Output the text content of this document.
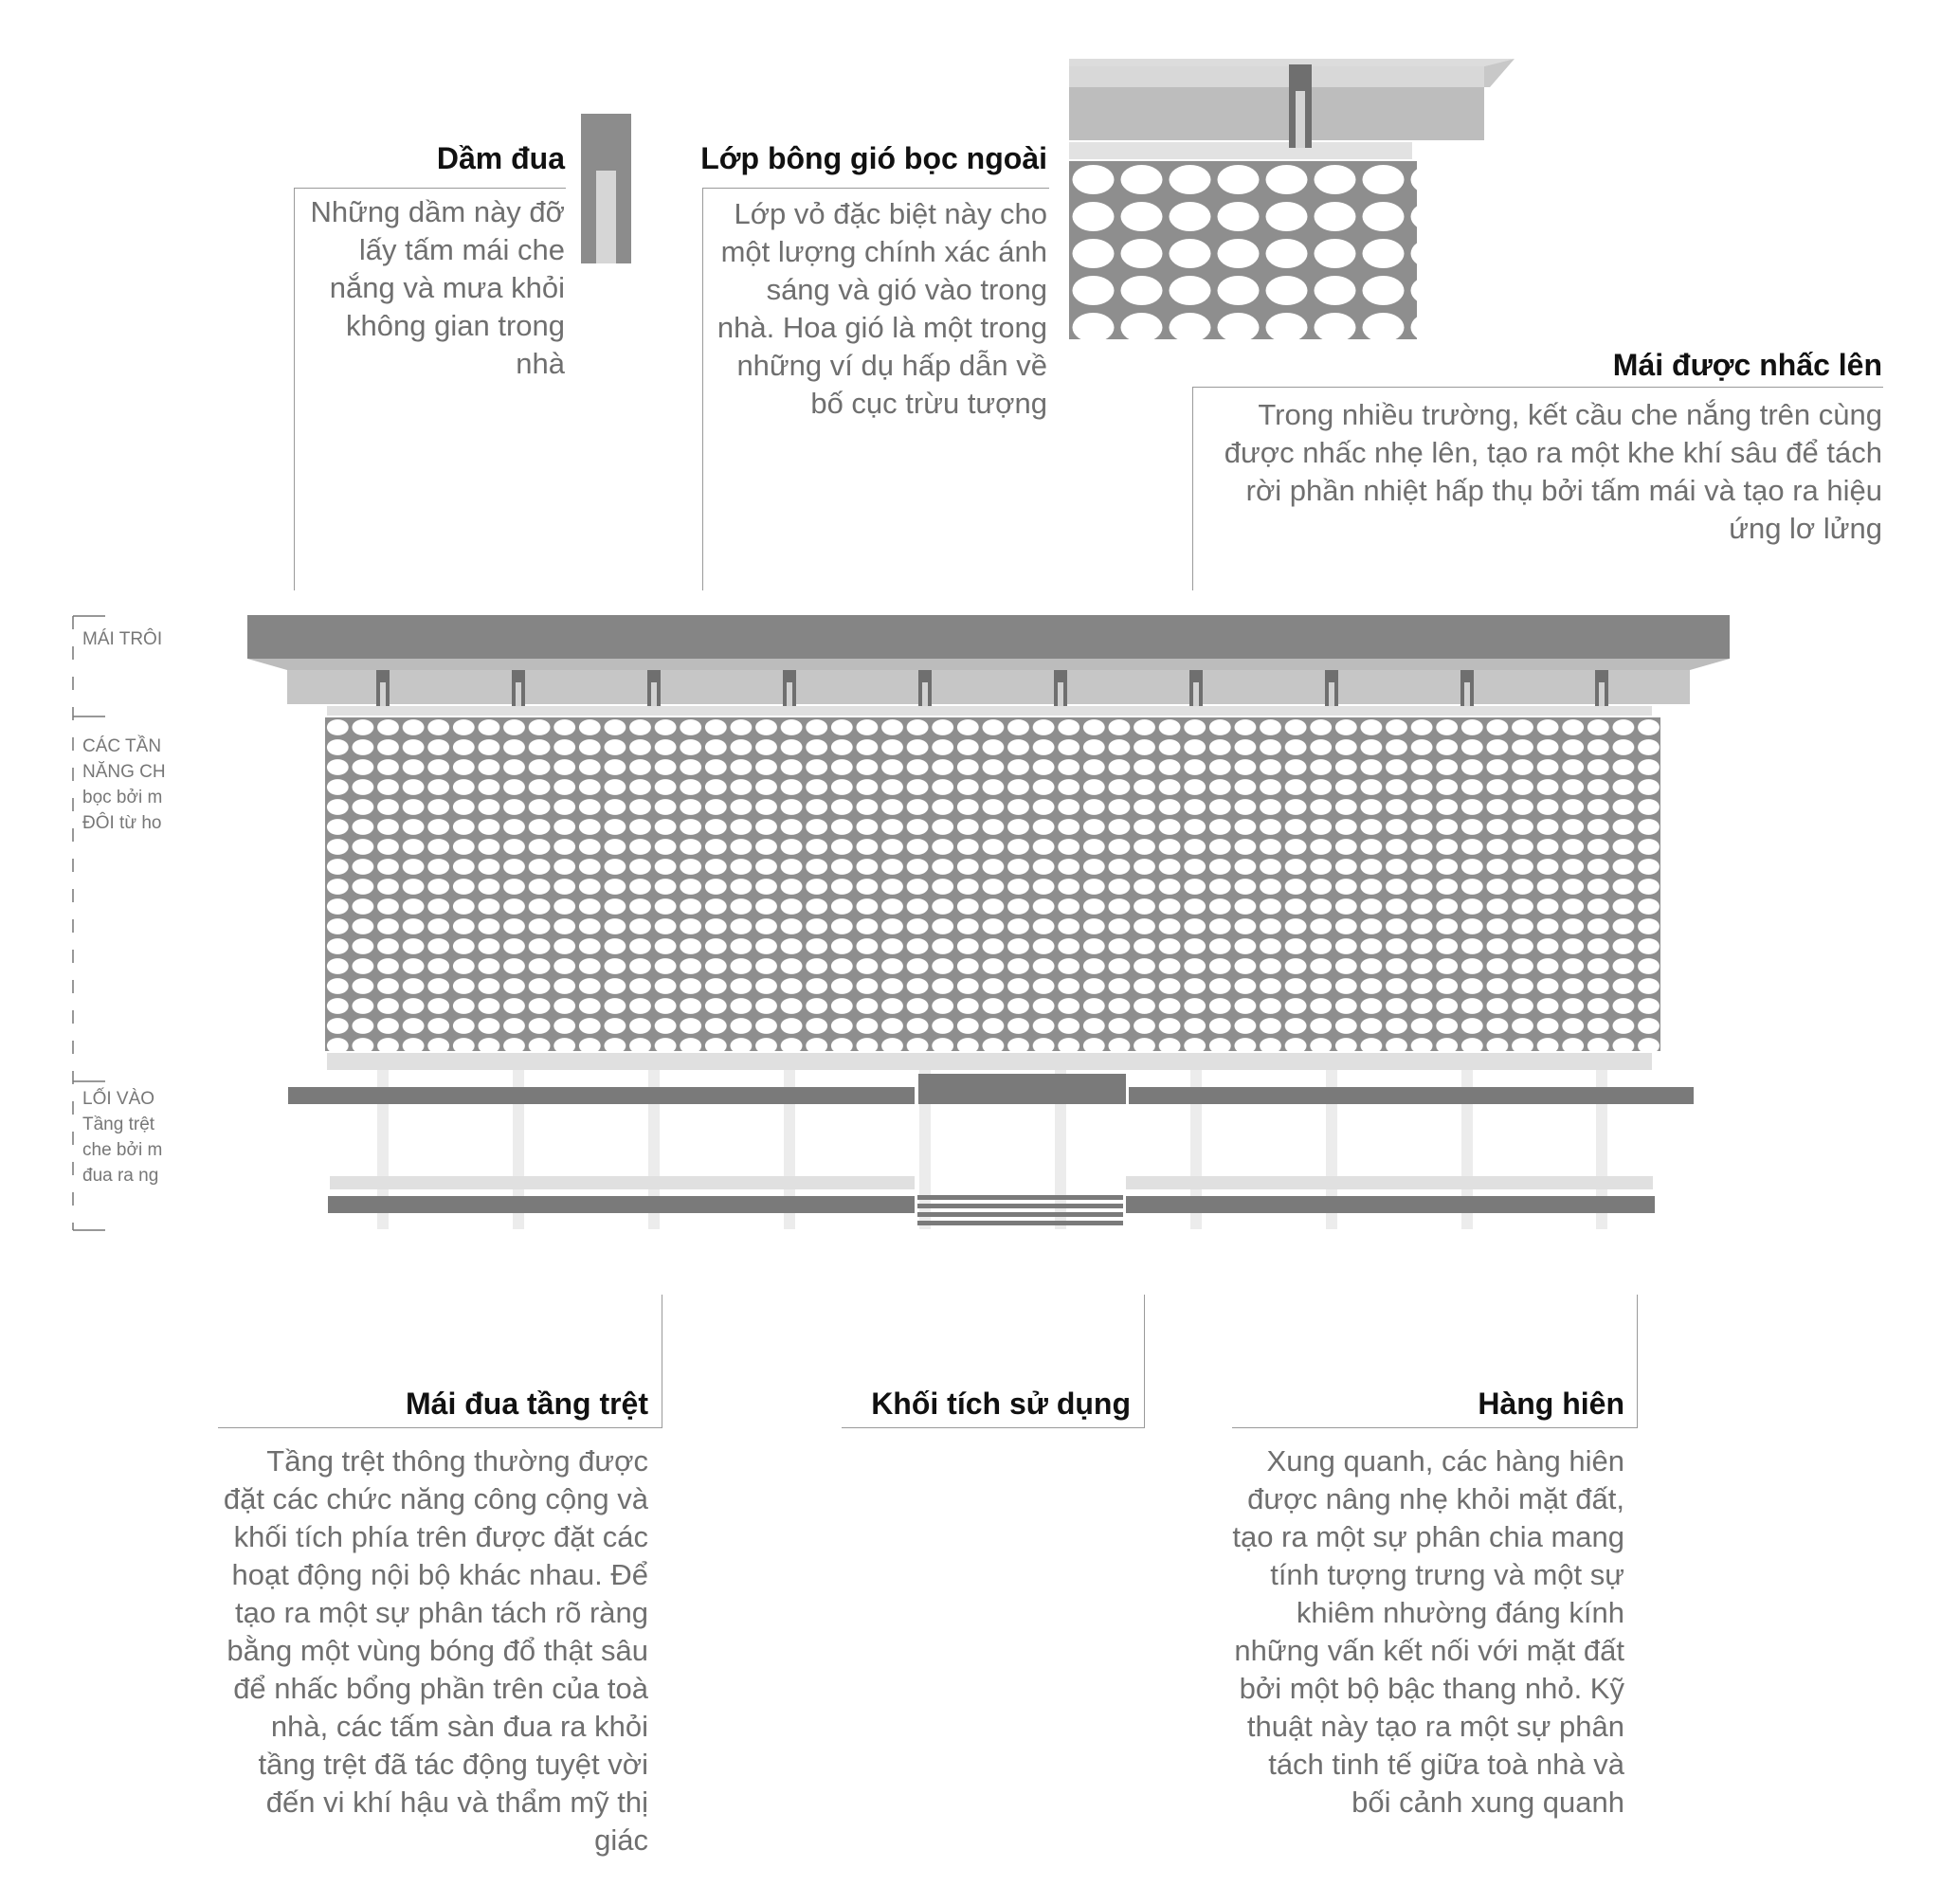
Dầm đua

Những dầm này đỡ lấy tấm mái che nắng và mưa khỏi không gian trong nhà

Lớp bông gió bọc ngoài

Lớp vỏ đặc biệt này cho một lượng chính xác ánh sáng và gió vào trong nhà. Hoa gió là một trong những ví dụ hấp dẫn về bố cục trừu tượng

Mái được nhấc lên

Trong nhiều trường, kết cầu che nắng trên cùng được nhấc nhẹ lên, tạo ra một khe khí sâu để tách rời phần nhiệt hấp thụ bởi tấm mái và tạo ra hiệu ứng lơ lửng

Mái đua tầng trệt

Tầng trệt thông thường được đặt các chức năng công cộng và khối tích phía trên được đặt các hoạt động nội bộ khác nhau. Để tạo ra một sự phân tách rõ ràng bằng một vùng bóng đổ thật sâu để nhấc bổng phần trên của toà nhà, các tấm sàn đua ra khỏi tầng trệt đã tác động tuyệt vời đến vi khí hậu và thẩm mỹ thị giác

Khối tích sử dụng	Hàng hiên

Xung quanh, các hàng hiên được nâng nhẹ khỏi mặt đất, tạo ra một sự phân chia mang tính tượng trưng và một sự khiêm nhường đáng kính những vấn kết nối với mặt đất bởi một bộ bậc thang nhỏ. Kỹ thuật này tạo ra một sự phân tách tinh tế giữa toà nhà và bối cảnh xung quanh

MÁI TRÔI
CÁC TẦN
NĂNG CH
bọc bởi m
ĐÔI từ ho
LỐI VÀO
Tầng trệt
che bởi m
đua ra ng
